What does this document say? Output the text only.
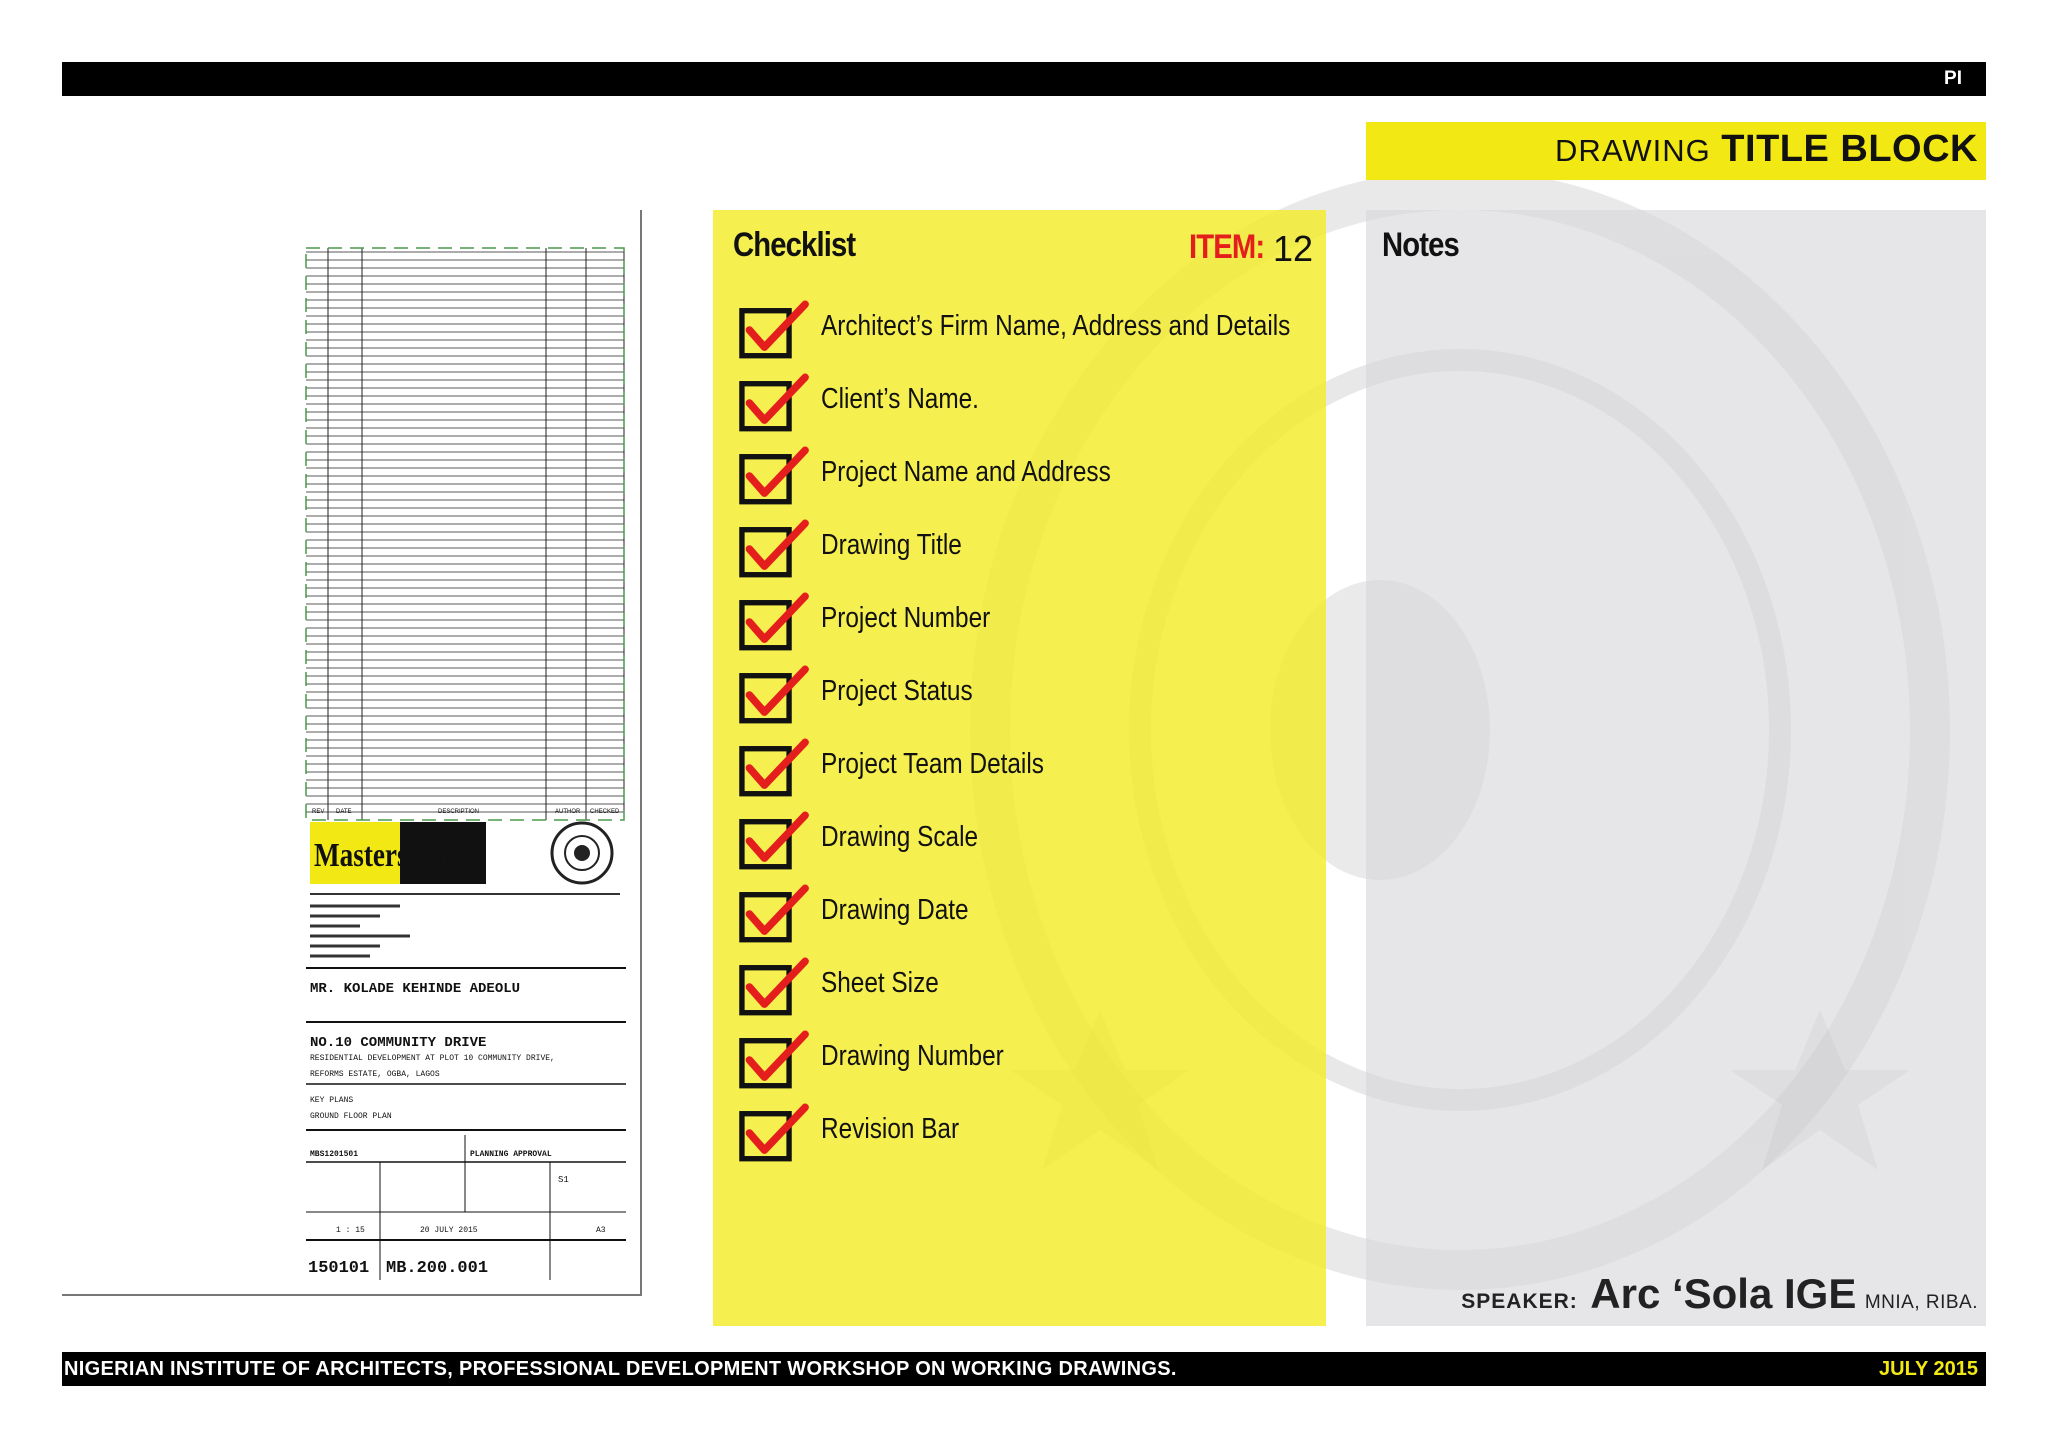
PI
DRAWING TITLE BLOCK
REV DATE	DESCRIPTION	AUTHOR CHECKED
Masterstrokes
MR. KOLADE KEHINDE ADEOLU
NO.10 COMMUNITY DRIVE
RESIDENTIAL DEVELOPMENT AT PLOT 10 COMMUNITY DRIVE,
REFORMS ESTATE, OGBA, LAGOS
KEY PLANS
GROUND FLOOR PLAN
MBS1201501	PLANNING APPROVAL
S1
1 : 15	20 JULY 2015	A3
150101 MB.200.001
Checklist	ITEM: 12
Architect’s Firm Name, Address and Details
Client’s Name.
Project Name and Address
Drawing Title
Project Number
Project Status
Project Team Details
Drawing Scale
Drawing Date
Sheet Size
Drawing Number
Revision Bar
Notes
SPEAKER: Arc ‘Sola IGE MNIA, RIBA.
NIGERIAN INSTITUTE OF ARCHITECTS, PROFESSIONAL DEVELOPMENT WORKSHOP ON WORKING DRAWINGS.	JULY 2015
